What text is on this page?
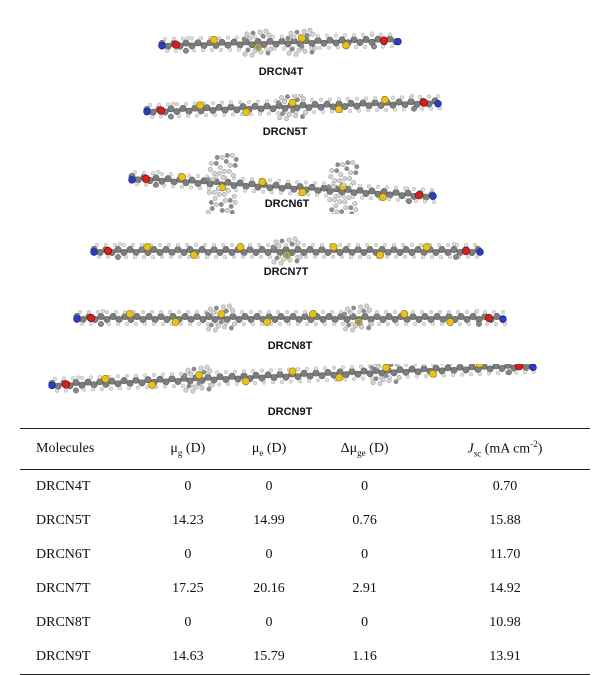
DRCN4T
DRCN5T
DRCN6T
DRCN7T
DRCN8T
DRCN9T
Molecules	$\mu_g$ (D)	$\mu_e$ (D)	$\Delta\mu_{ge}$ (D)	$J_{sc}$ (mA $cm^{-2}$)
DRCN4T	0	0	0	0.70
DRCN5T	14.23	14.99	0.76	15.88
DRCN6T	0	0	0	11.70
DRCN7T	17.25	20.16	2.91	14.92
DRCN8T	0	0	0	10.98
DRCN9T	14.63	15.79	1.16	13.91
